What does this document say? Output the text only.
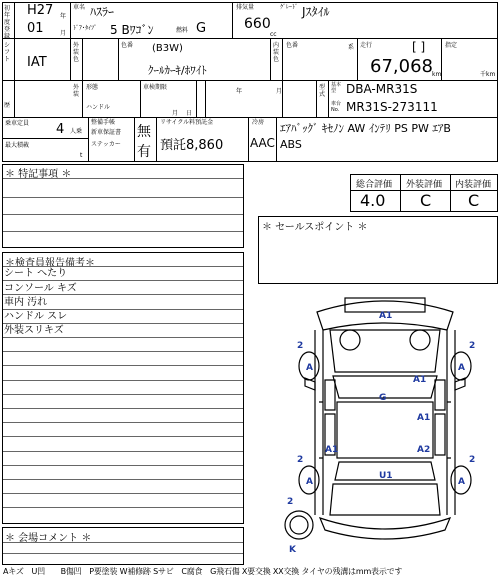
初年度登録
H27 年
01	月
車名 ﾊｽﾗｰ
ﾄﾞｱ･ﾀｲﾌﾟ 5 Bﾜｺﾞﾝ	燃料 G
排気量
660
cc
ｸﾞﾚｰﾄﾞ Jｽﾀｲﾙ
シフト IAT
外装色
色番 (B3W)
ｸｰﾙｶｰｷ/ﾎﾜｲﾄ
内装色
色番	系 走行	[ ]
67,068 km
指定
千km
歴
外装
形態
ハンドル
車検期限
月 日
年	月
型式
基本型 DBA-MR31S
車台No. MR31S-273111
乗車定員 4 人乗
最大積載
t
整備手帳
新車保証書
ステッカー
無
有
リサイクル料預託金
預託8,860
冷房
AAC
ｴｱﾊﾞｯｸﾞ ｷｾﾉﾝ AW ｲﾝﾃﾘ PS PW ｴｱB
ABS
＊ 特記事項 ＊
総合評価 外装評価 内装評価
4.0 C C
＊ セールスポイント ＊
＊検査員報告備考＊
シート へたり
コンソール キズ
車内 汚れ
ハンドル スレ
外装スリキズ
＊ 会場コメント ＊
A1
A1
A1
A2
A1
G
U1
A	A
A	A
2	2
2	2
2
K
Aキズ　U凹　　B傷凹　P要塗装 W補修跡 Sサビ　C腐食　G飛石傷 X要交換 XX交換 タイヤの残溝はmm表示です
